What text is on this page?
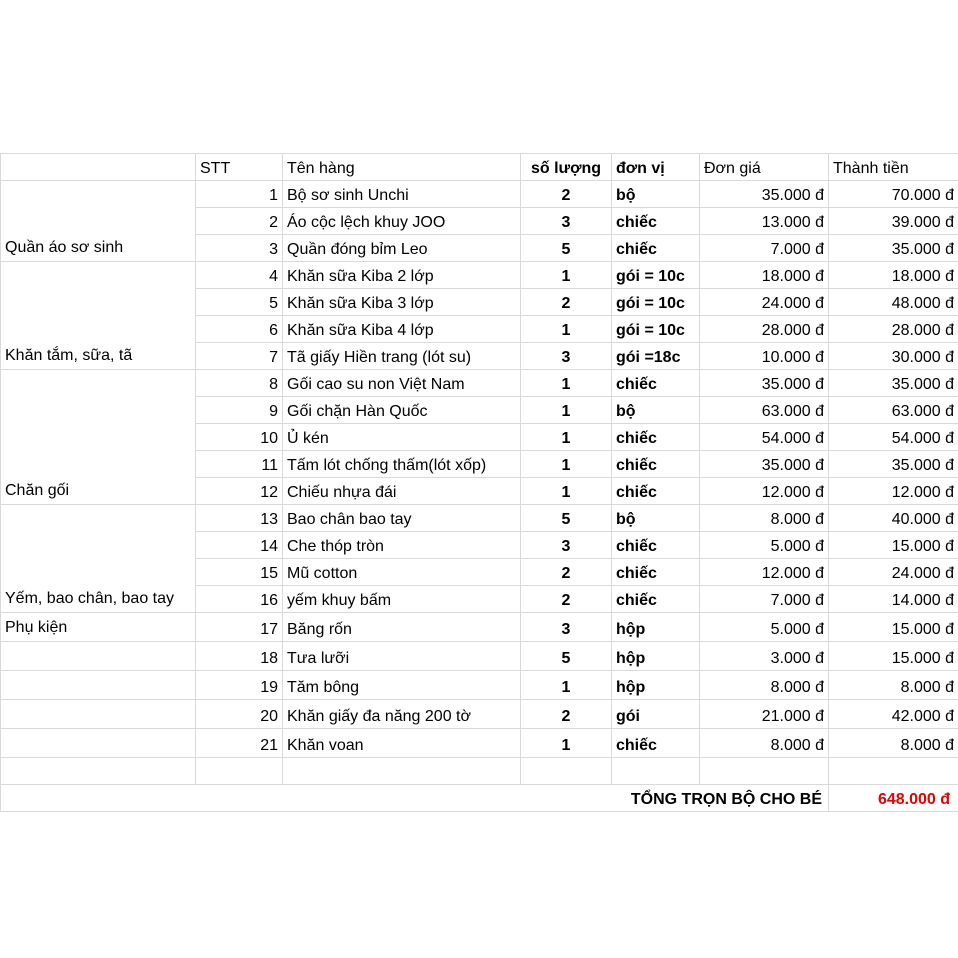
	STT	Tên hàng	số lượng	đơn vị	Đơn giá	Thành tiền
Quần áo sơ sinh	1	Bộ sơ sinh Unchi	2	bộ	35.000 đ	70.000 đ
	2	Áo cộc lệch khuy JOO	3	chiếc	13.000 đ	39.000 đ
	3	Quần đóng bỉm Leo	5	chiếc	7.000 đ	35.000 đ
Khăn tắm, sữa, tã	4	Khăn sữa Kiba 2 lớp	1	gói = 10c	18.000 đ	18.000 đ
	5	Khăn sữa Kiba 3 lớp	2	gói = 10c	24.000 đ	48.000 đ
	6	Khăn sữa Kiba 4 lớp	1	gói = 10c	28.000 đ	28.000 đ
	7	Tã giấy Hiền trang (lót su)	3	gói =18c	10.000 đ	30.000 đ
Chăn gối	8	Gối cao su non Việt Nam	1	chiếc	35.000 đ	35.000 đ
	9	Gối chặn Hàn Quốc	1	bộ	63.000 đ	63.000 đ
	10	Ủ kén	1	chiếc	54.000 đ	54.000 đ
	11	Tấm lót chống thấm(lót xốp)	1	chiếc	35.000 đ	35.000 đ
	12	Chiếu nhựa đái	1	chiếc	12.000 đ	12.000 đ
Yếm, bao chân, bao tay	13	Bao chân bao tay	5	bộ	8.000 đ	40.000 đ
	14	Che thóp tròn	3	chiếc	5.000 đ	15.000 đ
	15	Mũ cotton	2	chiếc	12.000 đ	24.000 đ
	16	yếm khuy bấm	2	chiếc	7.000 đ	14.000 đ
Phụ kiện	17	Băng rốn	3	hộp	5.000 đ	15.000 đ
	18	Tưa lưỡi	5	hộp	3.000 đ	15.000 đ
	19	Tăm bông	1	hộp	8.000 đ	8.000 đ
	20	Khăn giấy đa năng 200 tờ	2	gói	21.000 đ	42.000 đ
	21	Khăn voan	1	chiếc	8.000 đ	8.000 đ

TỔNG TRỌN BỘ CHO BÉ						648.000 đ
